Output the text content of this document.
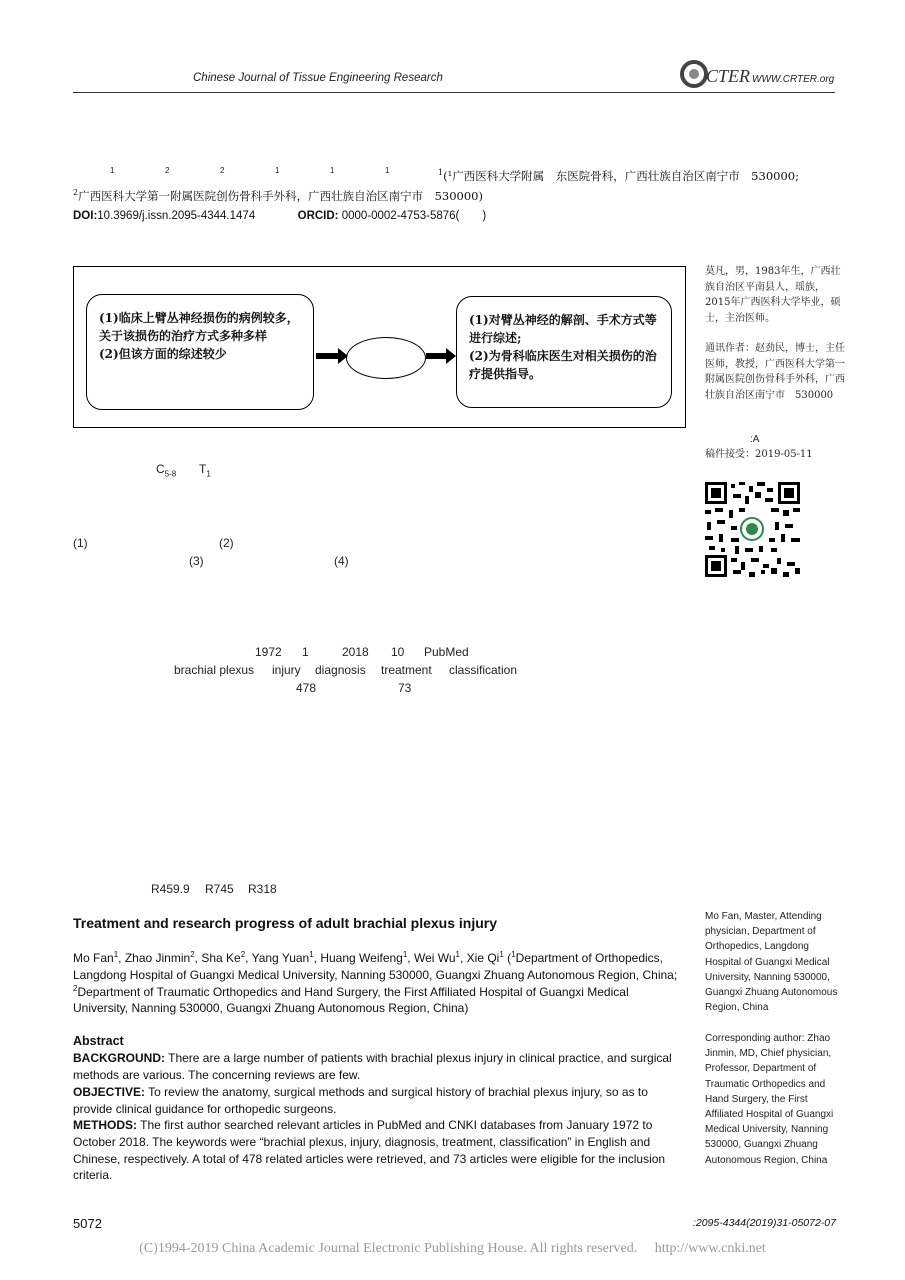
Chinese Journal of Tissue Engineering Research	CTER WWW.CRTER.org
1	2	2	1	1	1	$^1$(¹广西医科大学附属　东医院骨科，广西壮族自治区南宁市　530000;
$^2$广西医科大学第一附属医院创伤骨科手外科，广西壮族自治区南宁市　530000)
DOI:10.3969/j.issn.2095-4344.1474	ORCID: 0000-0002-4753-5876(　　)
(1)临床上臂丛神经损伤的病例较多，关于该损伤的治疗方式多种多样
(2)但该方面的综述较少
(1)对臂丛神经的解剖、手术方式等进行综述;
(2)为骨科临床医生对相关损伤的治疗提供指导。
莫凡，男，1983年生，广西壮族自治区平南县人，瑶族，2015年广西医科大学毕业，硕士，主治医师。
通讯作者：赵劲民，博士，主任医师，教授，广西医科大学第一附属医院创伤骨科手外科，广西壮族自治区南宁市　530000
:A
稿件接受：2019-05-11
$C_{5-8}$ $T_1$
(1)	(2)
(3)	(4)
1972 1	2018 10 PubMed
brachial plexus injury diagnosis treatment classification
478	73
R459.9 R745 R318
Treatment and research progress of adult brachial plexus injury
Mo Fan$^1$, Zhao Jinmin$^2$, Sha Ke$^2$, Yang Yuan$^1$, Huang Weifeng$^1$, Wei Wu$^1$, Xie Qi$^1$ ($^1$Department of Orthopedics, Langdong Hospital of Guangxi Medical University, Nanning 530000, Guangxi Zhuang Autonomous Region, China; $^2$Department of Traumatic Orthopedics and Hand Surgery, the First Affiliated Hospital of Guangxi Medical University, Nanning 530000, Guangxi Zhuang Autonomous Region, China)
Abstract
BACKGROUND: There are a large number of patients with brachial plexus injury in clinical practice, and surgical methods are various. The concerning reviews are few.
OBJECTIVE: To review the anatomy, surgical methods and surgical history of brachial plexus injury, so as to provide clinical guidance for orthopedic surgeons.
METHODS: The first author searched relevant articles in PubMed and CNKI databases from January 1972 to October 2018. The keywords were “brachial plexus, injury, diagnosis, treatment, classification” in English and Chinese, respectively. A total of 478 related articles were retrieved, and 73 articles were eligible for the inclusion criteria.
Mo Fan, Master, Attending physician, Department of Orthopedics, Langdong Hospital of Guangxi Medical University, Nanning 530000, Guangxi Zhuang Autonomous Region, China
Corresponding author: Zhao Jinmin, MD, Chief physician, Professor, Department of Traumatic Orthopedics and Hand Surgery, the First Affiliated Hospital of Guangxi Medical University, Nanning 530000, Guangxi Zhuang Autonomous Region, China
5072	:2095-4344(2019)31-05072-07
(C)1994-2019 China Academic Journal Electronic Publishing House. All rights reserved.　 http://www.cnki.net
